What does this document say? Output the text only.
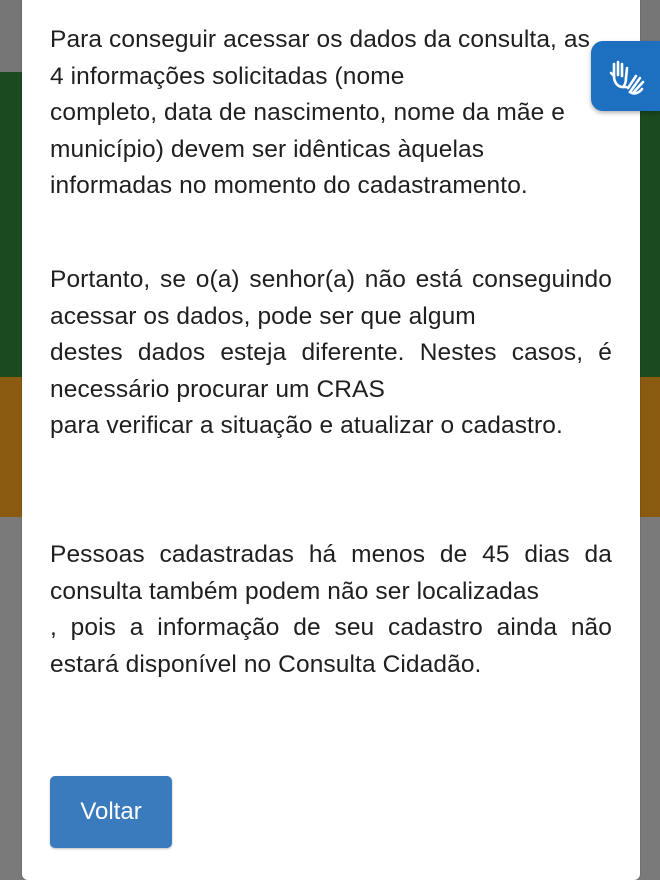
Para conseguir acessar os dados da consulta, as
4 informações solicitadas (nome
completo, data de nascimento, nome da mãe e
município) devem ser idênticas àquelas
informadas no momento do cadastramento.

Portanto, se o(a) senhor(a) não está conseguindo acessar os dados, pode ser que algum
destes dados esteja diferente. Nestes casos, é necessário procurar um CRAS
para verificar a situação e atualizar o cadastro.

Pessoas cadastradas há menos de 45 dias da consulta também podem não ser localizadas
, pois a informação de seu cadastro ainda não estará disponível no Consulta Cidadão.

Voltar
